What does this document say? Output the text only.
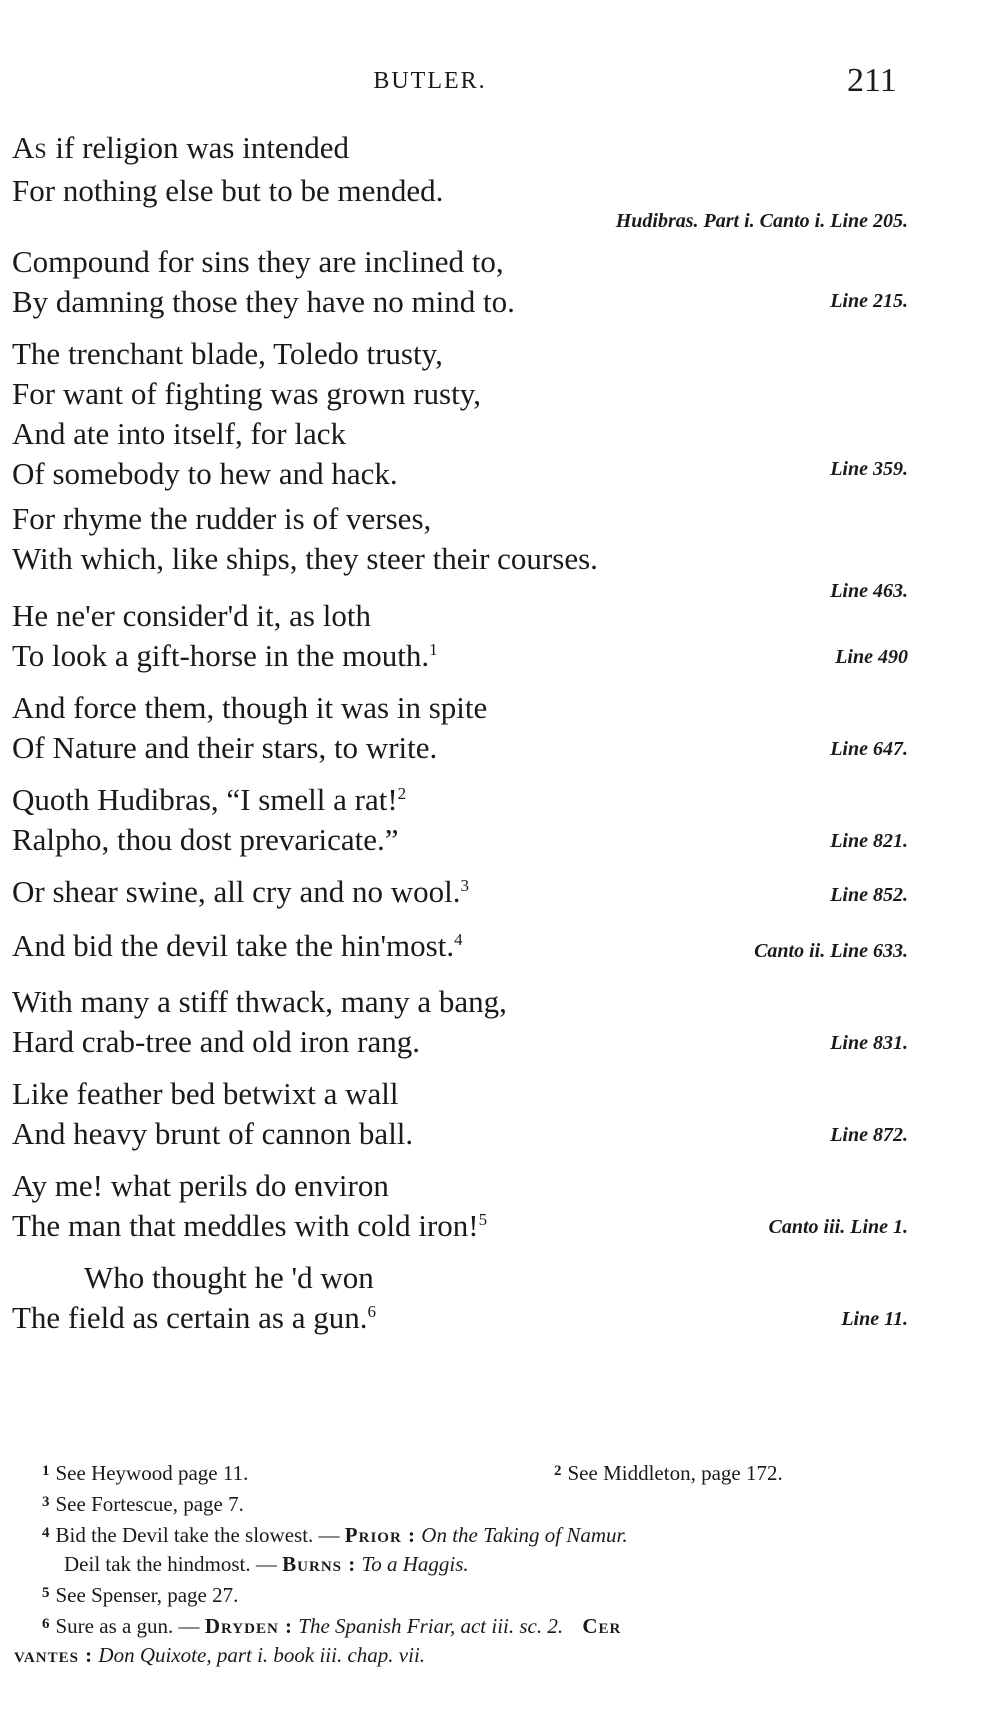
BUTLER.	211
AS if religion was intended
For nothing else but to be mended.
Hudibras. Part i. Canto i. Line 205.
Compound for sins they are inclined to,
By damning those they have no mind to.	Line 215.
The trenchant blade, Toledo trusty,
For want of fighting was grown rusty,
And ate into itself, for lack
Of somebody to hew and hack.	Line 359.
For rhyme the rudder is of verses,
With which, like ships, they steer their courses.
Line 463.
He ne'er consider'd it, as loth
To look a gift-horse in the mouth.$^1$	Line 490
And force them, though it was in spite
Of Nature and their stars, to write.	Line 647.
Quoth Hudibras, “I smell a rat!$^2$
Ralpho, thou dost prevaricate.”	Line 821.
Or shear swine, all cry and no wool.$^3$	Line 852.
And bid the devil take the hin'most.$^4$
Canto ii. Line 633.
With many a stiff thwack, many a bang,
Hard crab-tree and old iron rang.	Line 831.
Like feather bed betwixt a wall
And heavy brunt of cannon ball.	Line 872.
Ay me! what perils do environ
The man that meddles with cold iron!$^5$	Canto iii. Line 1.
Who thought he 'd won
The field as certain as a gun.$^6$	Line 11.
$^1$ See Heywood page 11.	$^2$ See Middleton, page 172.
$^3$ See Fortescue, page 7.
$^4$ Bid the Devil take the slowest. — Prior : On the Taking of Namur.
Deil tak the hindmost. — Burns : To a Haggis.
$^5$ See Spenser, page 27.
$^6$ Sure as a gun. — Dryden : The Spanish Friar, act iii. sc. 2. Cer
vantes : Don Quixote, part i. book iii. chap. vii.
